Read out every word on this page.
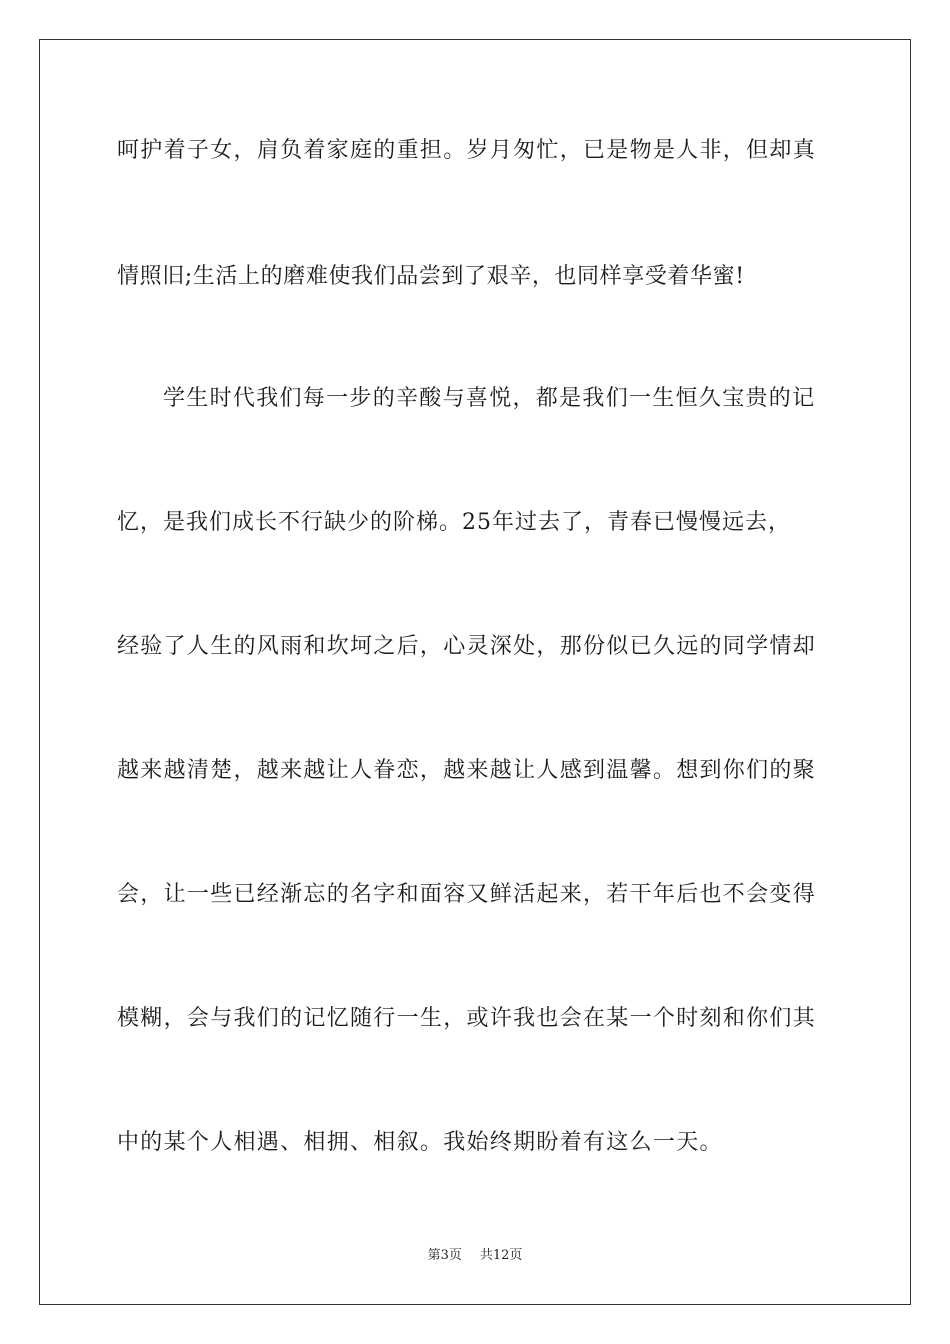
呵护着子女，肩负着家庭的重担。岁月匆忙，已是物是人非，但却真
情照旧;生活上的磨难使我们品尝到了艰辛，也同样享受着华蜜!
学生时代我们每一步的辛酸与喜悦，都是我们一生恒久宝贵的记
忆，是我们成长不行缺少的阶梯。25年过去了，青春已慢慢远去，
经验了人生的风雨和坎坷之后，心灵深处，那份似已久远的同学情却
越来越清楚，越来越让人眷恋，越来越让人感到温馨。想到你们的聚
会，让一些已经渐忘的名字和面容又鲜活起来，若干年后也不会变得
模糊，会与我们的记忆随行一生，或许我也会在某一个时刻和你们其
中的某个人相遇、相拥、相叙。我始终期盼着有这么一天。
第3页 共12页
